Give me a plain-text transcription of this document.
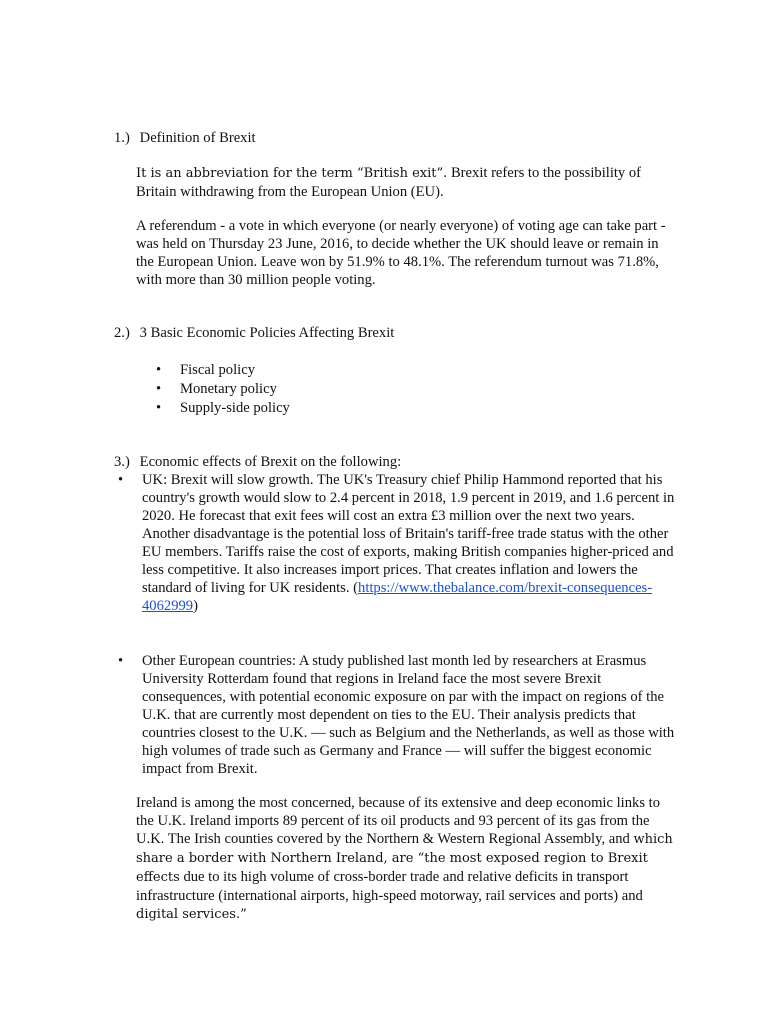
1.) Definition of Brexit

It is an abbreviation for the term “British exit”. Brexit refers to the possibility of Britain withdrawing from the European Union (EU).

A referendum - a vote in which everyone (or nearly everyone) of voting age can take part - was held on Thursday 23 June, 2016, to decide whether the UK should leave or remain in the European Union. Leave won by 51.9% to 48.1%. The referendum turnout was 71.8%, with more than 30 million people voting.

2.) 3 Basic Economic Policies Affecting Brexit
• Fiscal policy
• Monetary policy
• Supply-side policy
3.) Economic effects of Brexit on the following:
• UK: Brexit will slow growth. The UK's Treasury chief Philip Hammond reported that his country's growth would slow to 2.4 percent in 2018, 1.9 percent in 2019, and 1.6 percent in 2020. He forecast that exit fees will cost an extra £3 million over the next two years.
Another disadvantage is the potential loss of Britain's tariff-free trade status with the other EU members. Tariffs raise the cost of exports, making British companies higher-priced and less competitive. It also increases import prices. That creates inflation and lowers the standard of living for UK residents. (https://www.thebalance.com/brexit-consequences-4062999)
• Other European countries: A study published last month led by researchers at Erasmus University Rotterdam found that regions in Ireland face the most severe Brexit consequences, with potential economic exposure on par with the impact on regions of the U.K. that are currently most dependent on ties to the EU. Their analysis predicts that countries closest to the U.K. — such as Belgium and the Netherlands, as well as those with high volumes of trade such as Germany and France — will suffer the biggest economic impact from Brexit.

Ireland is among the most concerned, because of its extensive and deep economic links to the U.K. Ireland imports 89 percent of its oil products and 93 percent of its gas from the U.K. The Irish counties covered by the Northern & Western Regional Assembly, and which share a border with Northern Ireland, are “the most exposed region to Brexit effects due to its high volume of cross-border trade and relative deficits in transport infrastructure (international airports, high-speed motorway, rail services and ports) and digital services.”
